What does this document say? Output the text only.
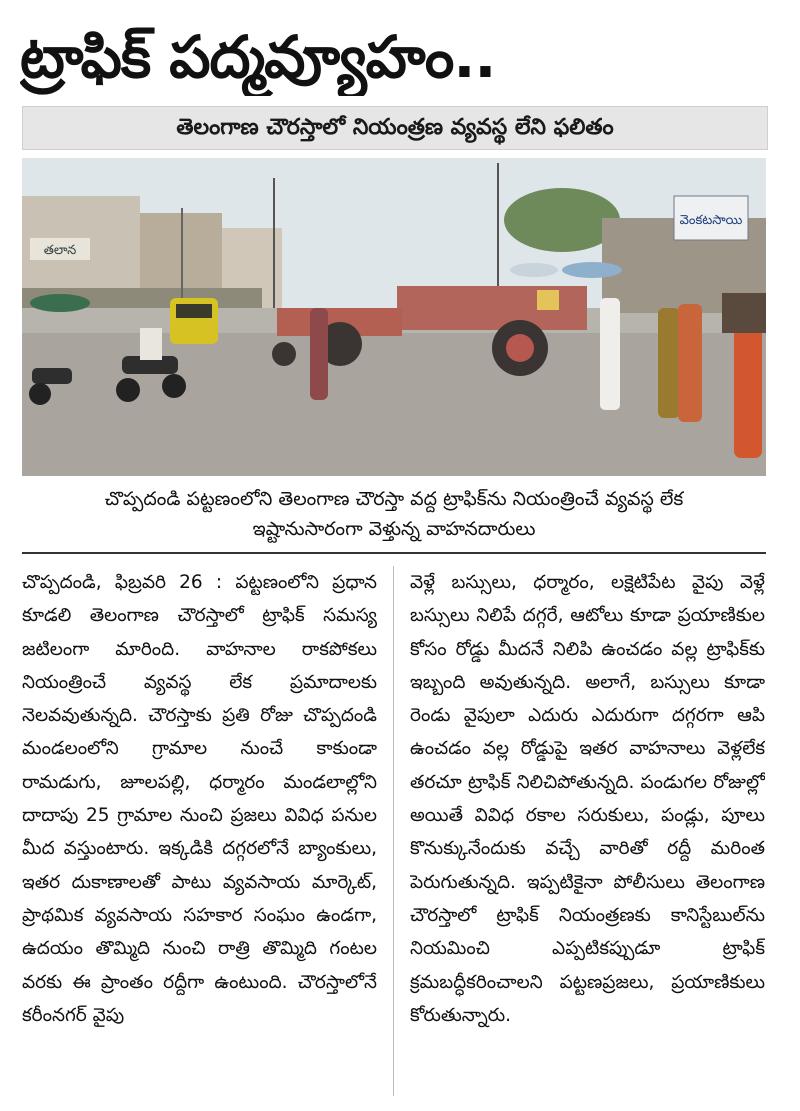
ట్రాఫిక్ పద్మవ్యూహం..
తెలంగాణ చౌరస్తాలో నియంత్రణ వ్యవస్థ లేని ఫలితం
తలాన
వెంకటసాయి
చొప్పదండి పట్టణంలోని తెలంగాణ చౌరస్తా వద్ద ట్రాఫిక్‌ను నియంత్రించే వ్యవస్థ లేక
ఇష్టానుసారంగా వెళ్తున్న వాహనదారులు

చొప్పదండి, ఫిబ్రవరి 26 : పట్టణంలోని ప్రధాన కూడలి తెలంగాణ చౌరస్తాలో ట్రాఫిక్ సమస్య జటిలంగా మారింది. వాహనాల రాకపోకలు నియంత్రించే వ్యవస్థ లేక ప్రమాదాలకు నెలవవుతున్నది. చౌరస్తాకు ప్రతి రోజు చొప్పదండి మండలంలోని గ్రామాల నుంచే కాకుండా రామడుగు, జూలపల్లి, ధర్మారం మండలాల్లోని దాదాపు 25 గ్రామాల నుంచి ప్రజలు వివిధ పనుల మీద వస్తుంటారు. ఇక్కడికి దగ్గరలోనే బ్యాంకులు, ఇతర దుకాణాలతో పాటు వ్యవసాయ మార్కెట్, ప్రాథమిక వ్యవసాయ సహకార సంఘం ఉండగా, ఉదయం తొమ్మిది నుంచి రాత్రి తొమ్మిది గంటల వరకు ఈ ప్రాంతం రద్దీగా ఉంటుంది. చౌరస్తాలోనే కరీంనగర్ వైపు

వెళ్లే బస్సులు, ధర్మారం, లక్షెటిపేట వైపు వెళ్లే బస్సులు నిలిపే దగ్గరే, ఆటోలు కూడా ప్రయాణికుల కోసం రోడ్డు మీదనే నిలిపి ఉంచడం వల్ల ట్రాఫిక్‌కు ఇబ్బంది అవుతున్నది. అలాగే, బస్సులు కూడా రెండు వైపులా ఎదురు ఎదురుగా దగ్గరగా ఆపి ఉంచడం వల్ల రోడ్డుపై ఇతర వాహనాలు వెళ్లలేక తరచూ ట్రాఫిక్ నిలిచిపోతున్నది. పండుగల రోజుల్లో అయితే వివిధ రకాల సరుకులు, పండ్లు, పూలు కొనుక్కునేందుకు వచ్చే వారితో రద్దీ మరింత పెరుగుతున్నది. ఇప్పటికైనా పోలీసులు తెలంగాణ చౌరస్తాలో ట్రాఫిక్ నియంత్రణకు కానిస్టేబుల్‌ను నియమించి ఎప్పటికప్పుడూ ట్రాఫిక్ క్రమబద్ధీకరించాలని పట్టణప్రజలు, ప్రయాణికులు కోరుతున్నారు.
